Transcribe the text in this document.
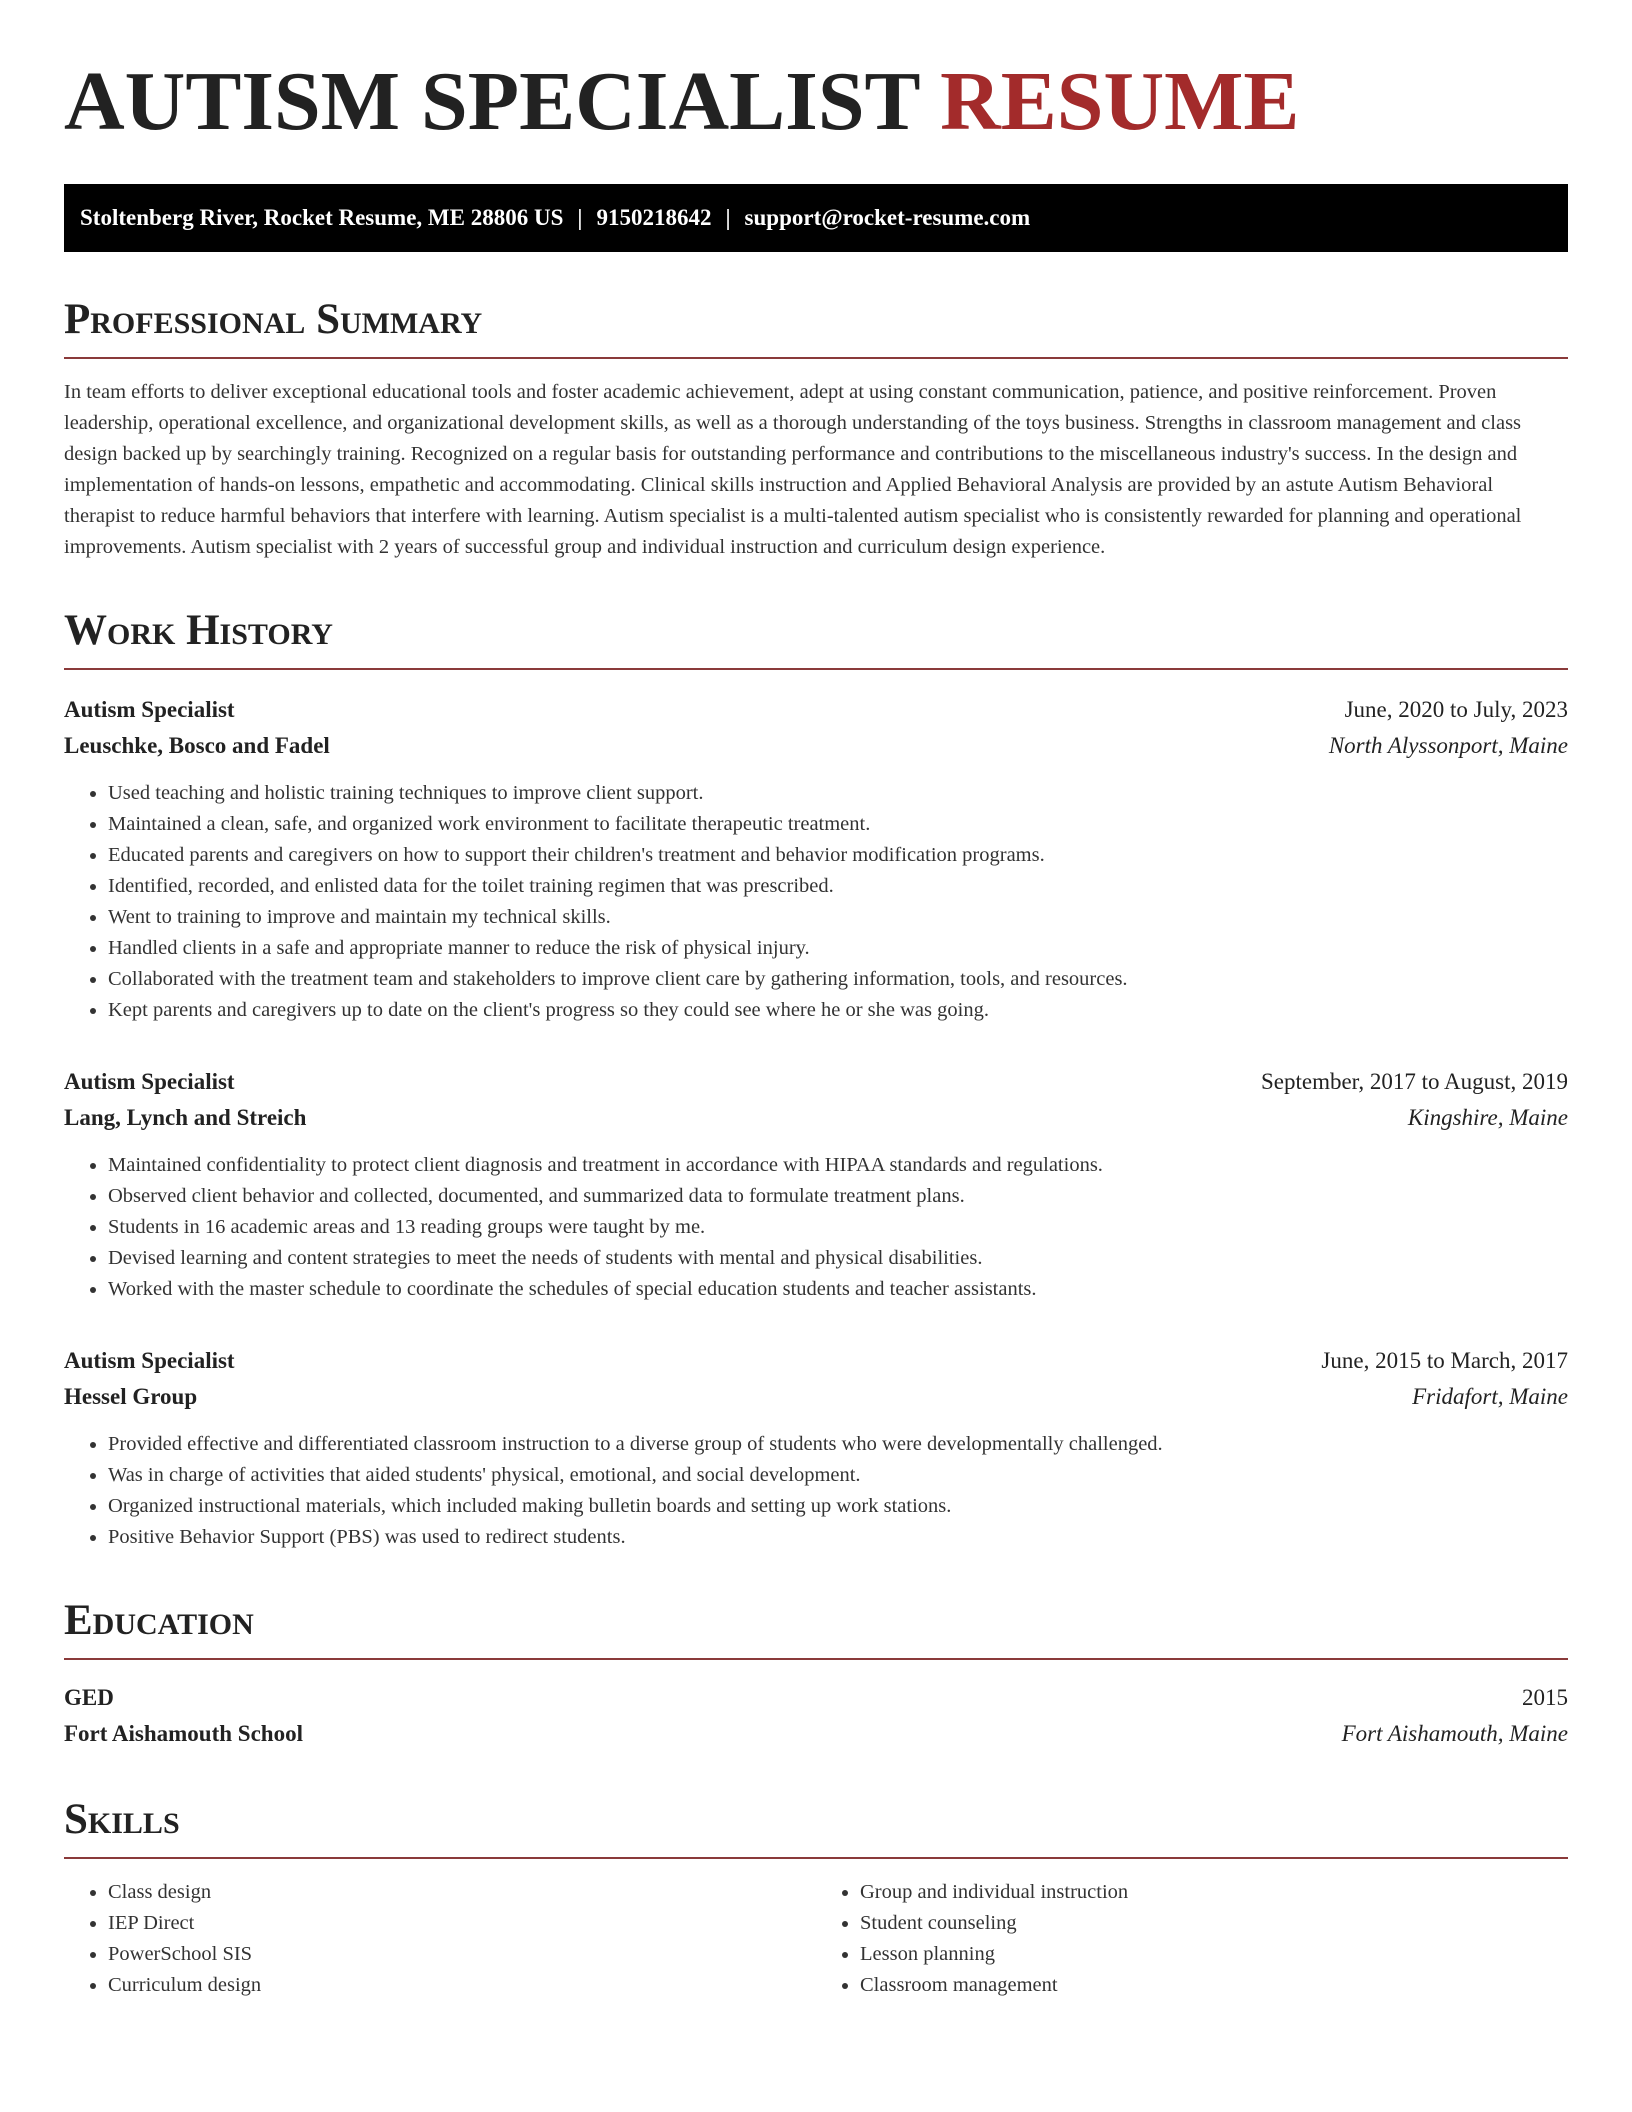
AUTISM SPECIALIST RESUME
Stoltenberg River, Rocket Resume, ME 28806 US | 9150218642 | support@rocket-resume.com
Professional Summary

In team efforts to deliver exceptional educational tools and foster academic achievement, adept at using constant communication, patience, and positive reinforcement. Proven leadership, operational excellence, and organizational development skills, as well as a thorough understanding of the toys business. Strengths in classroom management and class design backed up by searchingly training. Recognized on a regular basis for outstanding performance and contributions to the miscellaneous industry's success. In the design and implementation of hands-on lessons, empathetic and accommodating. Clinical skills instruction and Applied Behavioral Analysis are provided by an astute Autism Behavioral therapist to reduce harmful behaviors that interfere with learning. Autism specialist is a multi-talented autism specialist who is consistently rewarded for planning and operational improvements. Autism specialist with 2 years of successful group and individual instruction and curriculum design experience.

Work History
Autism Specialist	June, 2020 to July, 2023
Leuschke, Bosco and Fadel	North Alyssonport, Maine
• Used teaching and holistic training techniques to improve client support.
• Maintained a clean, safe, and organized work environment to facilitate therapeutic treatment.
• Educated parents and caregivers on how to support their children's treatment and behavior modification programs.
• Identified, recorded, and enlisted data for the toilet training regimen that was prescribed.
• Went to training to improve and maintain my technical skills.
• Handled clients in a safe and appropriate manner to reduce the risk of physical injury.
• Collaborated with the treatment team and stakeholders to improve client care by gathering information, tools, and resources.
• Kept parents and caregivers up to date on the client's progress so they could see where he or she was going.
Autism Specialist	September, 2017 to August, 2019
Lang, Lynch and Streich	Kingshire, Maine
• Maintained confidentiality to protect client diagnosis and treatment in accordance with HIPAA standards and regulations.
• Observed client behavior and collected, documented, and summarized data to formulate treatment plans.
• Students in 16 academic areas and 13 reading groups were taught by me.
• Devised learning and content strategies to meet the needs of students with mental and physical disabilities.
• Worked with the master schedule to coordinate the schedules of special education students and teacher assistants.
Autism Specialist	June, 2015 to March, 2017
Hessel Group	Fridafort, Maine
• Provided effective and differentiated classroom instruction to a diverse group of students who were developmentally challenged.
• Was in charge of activities that aided students' physical, emotional, and social development.
• Organized instructional materials, which included making bulletin boards and setting up work stations.
• Positive Behavior Support (PBS) was used to redirect students.
Education
GED	2015
Fort Aishamouth School	Fort Aishamouth, Maine
Skills
• Class design
• IEP Direct
• PowerSchool SIS
• Curriculum design
• Group and individual instruction
• Student counseling
• Lesson planning
• Classroom management
